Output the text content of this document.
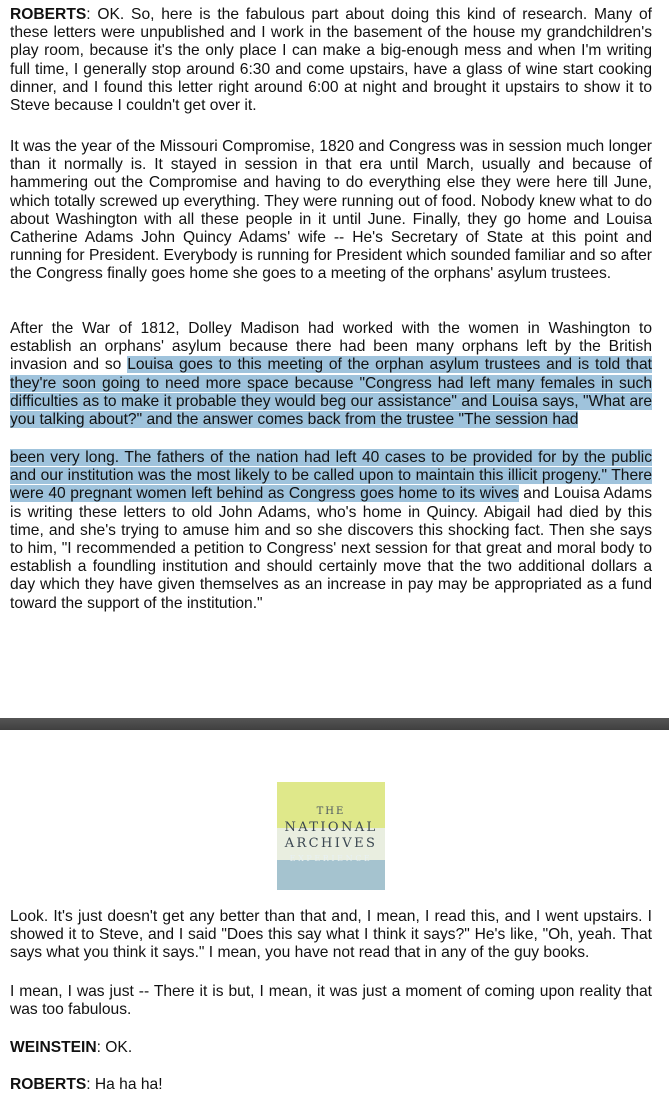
ROBERTS: OK. So, here is the fabulous part about doing this kind of research. Many of these letters were unpublished and I work in the basement of the house my grandchildren's play room, because it's the only place I can make a big-enough mess and when I'm writing full time, I generally stop around 6:30 and come upstairs, have a glass of wine start cooking dinner, and I found this letter right around 6:00 at night and brought it upstairs to show it to Steve because I couldn't get over it.

It was the year of the Missouri Compromise, 1820 and Congress was in session much longer than it normally is. It stayed in session in that era until March, usually and because of hammering out the Compromise and having to do everything else they were here till June, which totally screwed up everything. They were running out of food. Nobody knew what to do about Washington with all these people in it until June. Finally, they go home and Louisa Catherine Adams John Quincy Adams' wife -- He's Secretary of State at this point and running for President. Everybody is running for President which sounded familiar and so after the Congress finally goes home she goes to a meeting of the orphans' asylum trustees.

After the War of 1812, Dolley Madison had worked with the women in Washington to establish an orphans' asylum because there had been many orphans left by the British invasion and so Louisa goes to this meeting of the orphan asylum trustees and is told that they're soon going to need more space because "Congress had left many females in such difficulties as to make it probable they would beg our assistance" and Louisa says, "What are you talking about?" and the answer comes back from the trustee "The session had

been very long. The fathers of the nation had left 40 cases to be provided for by the public and our institution was the most likely to be called upon to maintain this illicit progeny." There were 40 pregnant women left behind as Congress goes home to its wives and Louisa Adams is writing these letters to old John Adams, who's home in Quincy. Abigail had died by this time, and she's trying to amuse him and so she discovers this shocking fact. Then she says to him, "I recommended a petition to Congress' next session for that great and moral body to establish a foundling institution and should certainly move that the two additional dollars a day which they have given themselves as an increase in pay may be appropriated as a fund toward the support of the institution."

THE
NATIONAL
ARCHIVES
EXPERIENCE

Look. It's just doesn't get any better than that and, I mean, I read this, and I went upstairs. I showed it to Steve, and I said "Does this say what I think it says?" He's like, "Oh, yeah. That says what you think it says." I mean, you have not read that in any of the guy books.

I mean, I was just -- There it is but, I mean, it was just a moment of coming upon reality that was too fabulous.

WEINSTEIN: OK.

ROBERTS: Ha ha ha!
